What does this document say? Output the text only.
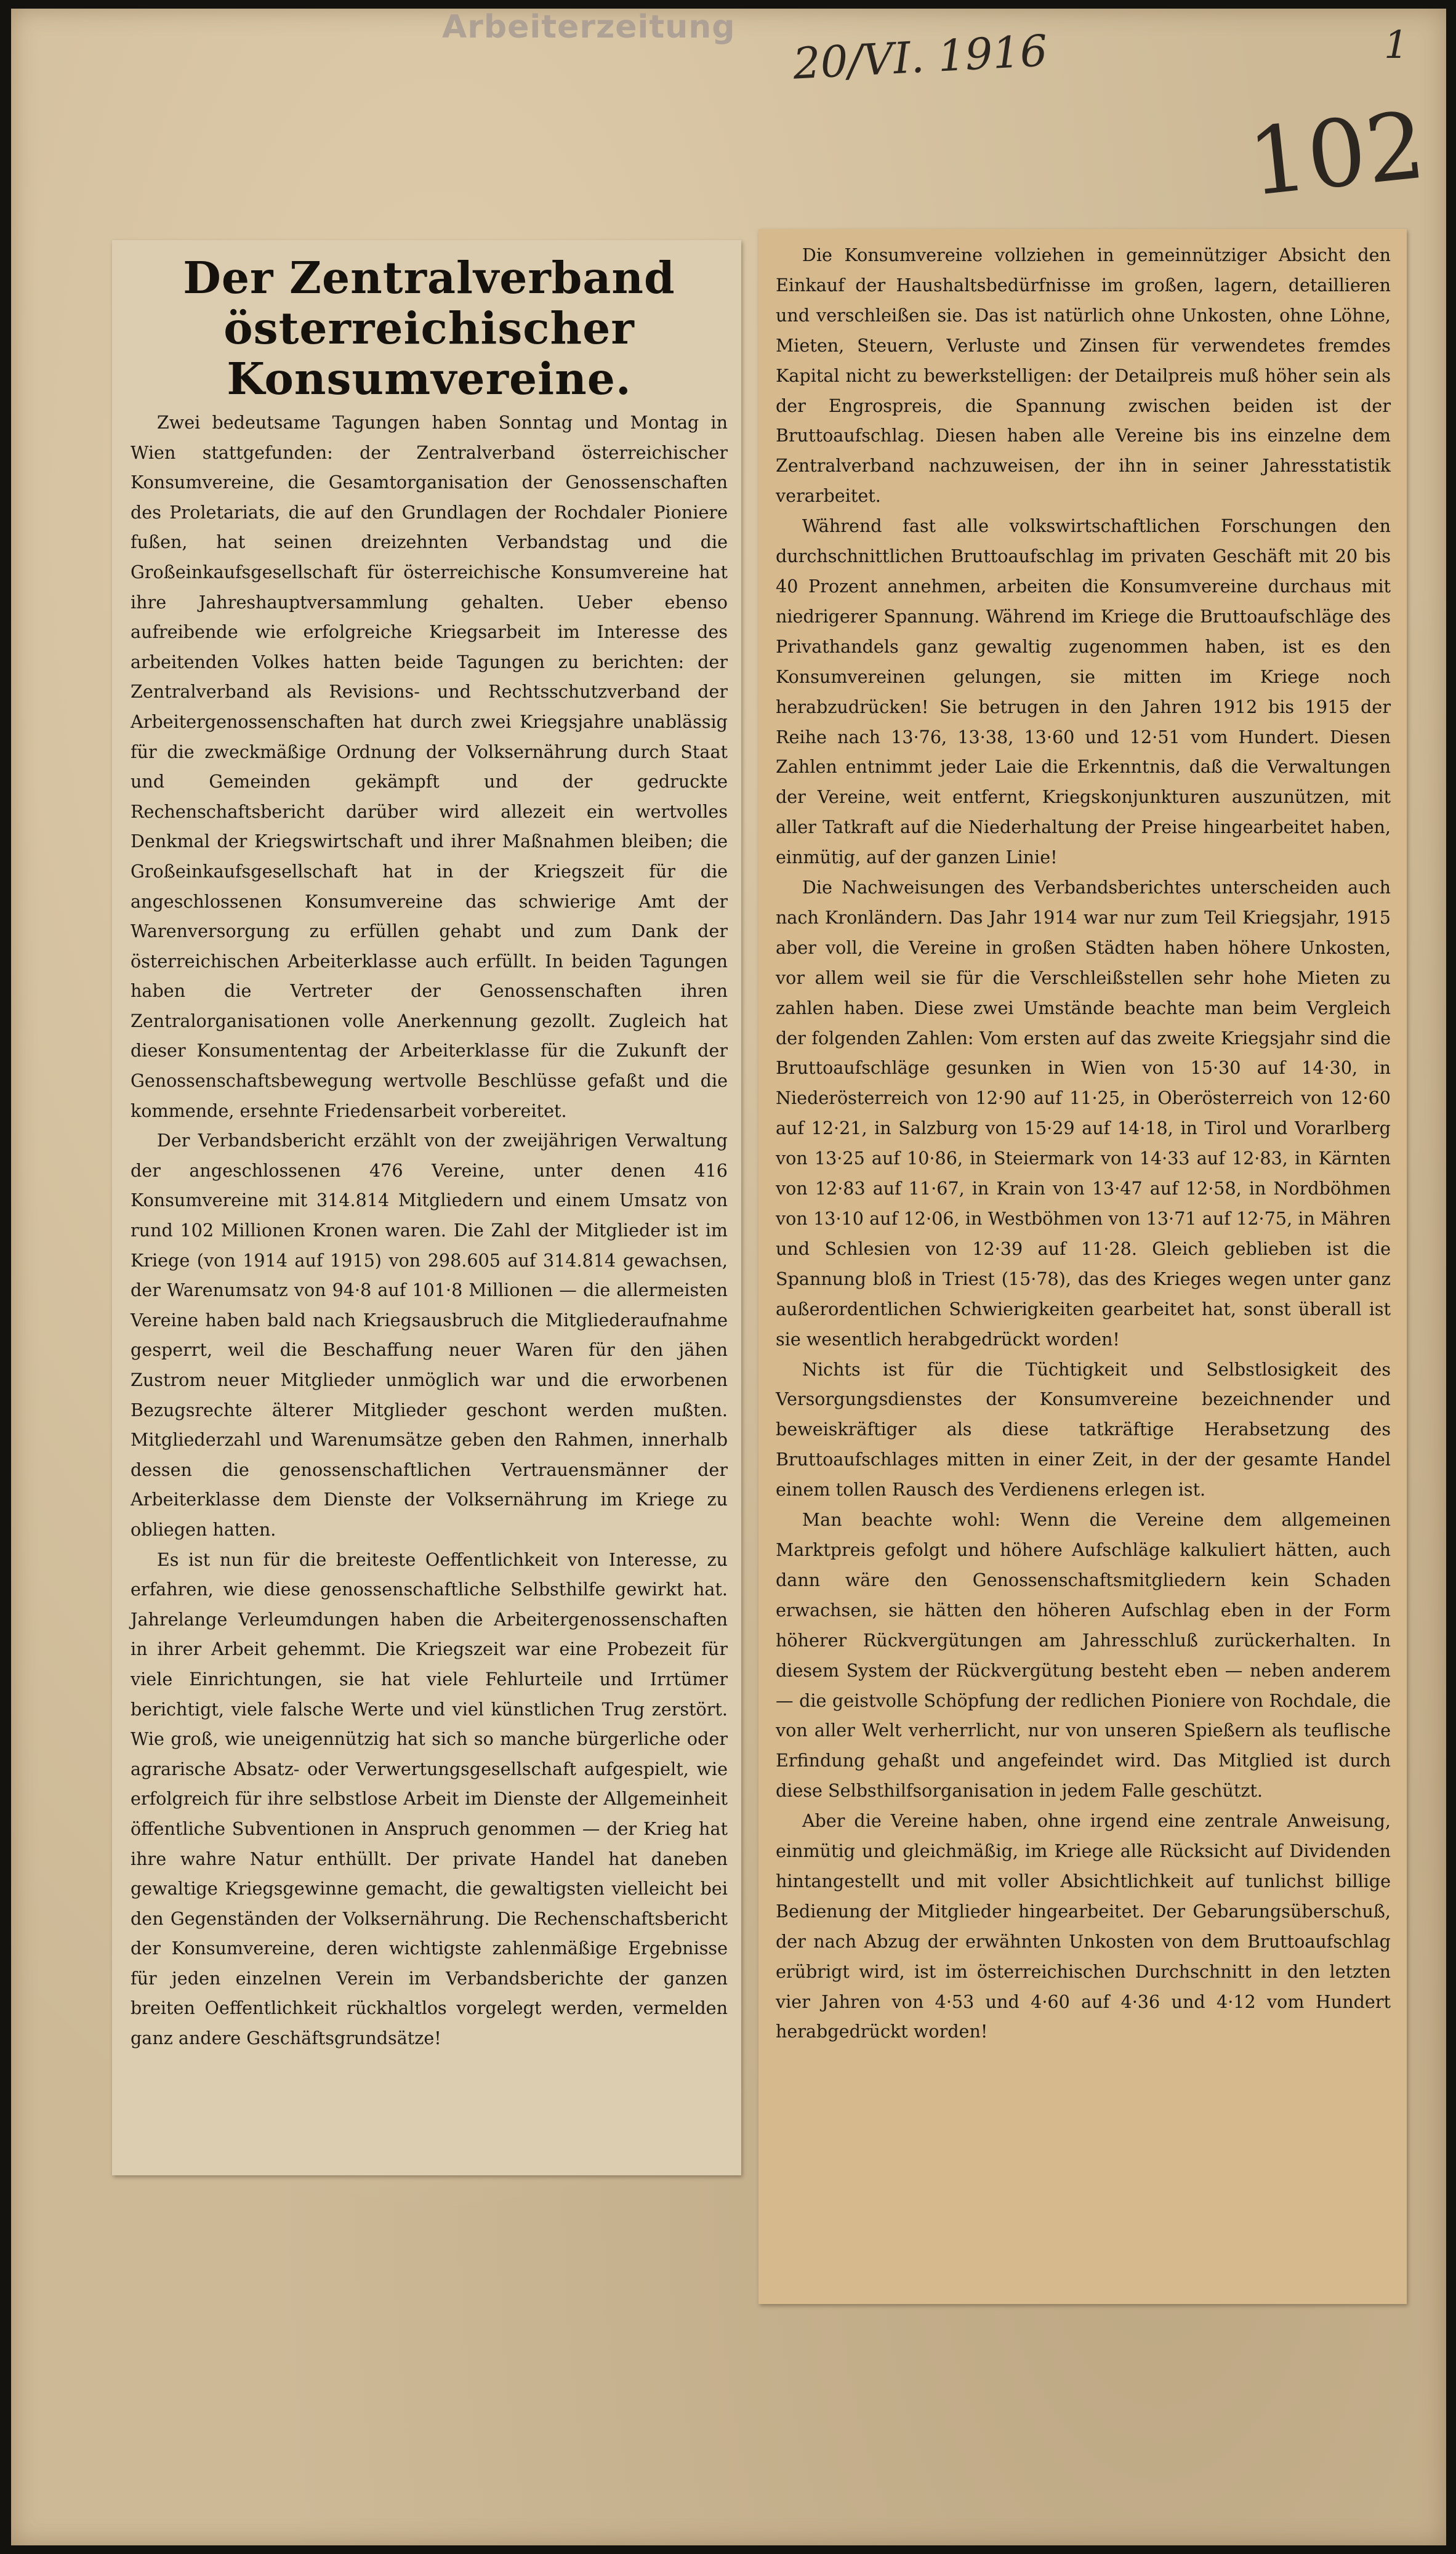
Arbeiterzeitung	20/VI. 1916	1
102
Der Zentralverband österreichischer Konsumvereine.

Zwei bedeutsame Tagungen haben Sonntag und Montag in Wien stattgefunden: der Zentralverband österreichischer Konsumvereine, die Gesamtorganisation der Genossenschaften des Proletariats, die auf den Grundlagen der Rochdaler Pioniere fußen, hat seinen dreizehnten Verbandstag und die Großeinkaufsgesellschaft für österreichische Konsumvereine hat ihre Jahreshauptversammlung gehalten. Ueber ebenso aufreibende wie erfolgreiche Kriegsarbeit im Interesse des arbeitenden Volkes hatten beide Tagungen zu berichten: der Zentralverband als Revisions- und Rechtsschutzverband der Arbeitergenossenschaften hat durch zwei Kriegsjahre unablässig für die zweckmäßige Ordnung der Volksernährung durch Staat und Gemeinden gekämpft und der gedruckte Rechenschaftsbericht darüber wird allezeit ein wertvolles Denkmal der Kriegswirtschaft und ihrer Maßnahmen bleiben; die Großeinkaufsgesellschaft hat in der Kriegszeit für die angeschlossenen Konsumvereine das schwierige Amt der Warenversorgung zu erfüllen gehabt und zum Dank der österreichischen Arbeiterklasse auch erfüllt. In beiden Tagungen haben die Vertreter der Genossenschaften ihren Zentralorganisationen volle Anerkennung gezollt. Zugleich hat dieser Konsumententag der Arbeiterklasse für die Zukunft der Genossenschaftsbewegung wertvolle Beschlüsse gefaßt und die kommende, ersehnte Friedensarbeit vorbereitet.

Der Verbandsbericht erzählt von der zweijährigen Verwaltung der angeschlossenen 476 Vereine, unter denen 416 Konsumvereine mit 314.814 Mitgliedern und einem Umsatz von rund 102 Millionen Kronen waren. Die Zahl der Mitglieder ist im Kriege (von 1914 auf 1915) von 298.605 auf 314.814 gewachsen, der Warenumsatz von 94·8 auf 101·8 Millionen — die allermeisten Vereine haben bald nach Kriegsausbruch die Mitgliederaufnahme gesperrt, weil die Beschaffung neuer Waren für den jähen Zustrom neuer Mitglieder unmöglich war und die erworbenen Bezugsrechte älterer Mitglieder geschont werden mußten. Mitgliederzahl und Warenumsätze geben den Rahmen, innerhalb dessen die genossenschaftlichen Vertrauensmänner der Arbeiterklasse dem Dienste der Volksernährung im Kriege zu obliegen hatten.

Es ist nun für die breiteste Oeffentlichkeit von Interesse, zu erfahren, wie diese genossenschaftliche Selbsthilfe gewirkt hat. Jahrelange Verleumdungen haben die Arbeitergenossenschaften in ihrer Arbeit gehemmt. Die Kriegszeit war eine Probezeit für viele Einrichtungen, sie hat viele Fehlurteile und Irrtümer berichtigt, viele falsche Werte und viel künstlichen Trug zerstört. Wie groß, wie uneigennützig hat sich so manche bürgerliche oder agrarische Absatz- oder Verwertungsgesellschaft aufgespielt, wie erfolgreich für ihre selbstlose Arbeit im Dienste der Allgemeinheit öffentliche Subventionen in Anspruch genommen — der Krieg hat ihre wahre Natur enthüllt. Der private Handel hat daneben gewaltige Kriegsgewinne gemacht, die gewaltigsten vielleicht bei den Gegenständen der Volksernährung. Die Rechenschaftsbericht der Konsumvereine, deren wichtigste zahlenmäßige Ergebnisse für jeden einzelnen Verein im Verbandsberichte der ganzen breiten Oeffentlichkeit rückhaltlos vorgelegt werden, vermelden ganz andere Geschäftsgrundsätze!

Die Konsumvereine vollziehen in gemeinnütziger Absicht den Einkauf der Haushaltsbedürfnisse im großen, lagern, detaillieren und verschleißen sie. Das ist natürlich ohne Unkosten, ohne Löhne, Mieten, Steuern, Verluste und Zinsen für verwendetes fremdes Kapital nicht zu bewerkstelligen: der Detailpreis muß höher sein als der Engrospreis, die Spannung zwischen beiden ist der Bruttoaufschlag. Diesen haben alle Vereine bis ins einzelne dem Zentralverband nachzuweisen, der ihn in seiner Jahresstatistik verarbeitet.

Während fast alle volkswirtschaftlichen Forschungen den durchschnittlichen Bruttoaufschlag im privaten Geschäft mit 20 bis 40 Prozent annehmen, arbeiten die Konsumvereine durchaus mit niedrigerer Spannung. Während im Kriege die Bruttoaufschläge des Privathandels ganz gewaltig zugenommen haben, ist es den Konsumvereinen gelungen, sie mitten im Kriege noch herabzudrücken! Sie betrugen in den Jahren 1912 bis 1915 der Reihe nach 13·76, 13·38, 13·60 und 12·51 vom Hundert. Diesen Zahlen entnimmt jeder Laie die Erkenntnis, daß die Verwaltungen der Vereine, weit entfernt, Kriegskonjunkturen auszunützen, mit aller Tatkraft auf die Niederhaltung der Preise hingearbeitet haben, einmütig, auf der ganzen Linie!

Die Nachweisungen des Verbandsberichtes unterscheiden auch nach Kronländern. Das Jahr 1914 war nur zum Teil Kriegsjahr, 1915 aber voll, die Vereine in großen Städten haben höhere Unkosten, vor allem weil sie für die Verschleißstellen sehr hohe Mieten zu zahlen haben. Diese zwei Umstände beachte man beim Vergleich der folgenden Zahlen: Vom ersten auf das zweite Kriegsjahr sind die Bruttoaufschläge gesunken in Wien von 15·30 auf 14·30, in Niederösterreich von 12·90 auf 11·25, in Oberösterreich von 12·60 auf 12·21, in Salzburg von 15·29 auf 14·18, in Tirol und Vorarlberg von 13·25 auf 10·86, in Steiermark von 14·33 auf 12·83, in Kärnten von 12·83 auf 11·67, in Krain von 13·47 auf 12·58, in Nordböhmen von 13·10 auf 12·06, in Westböhmen von 13·71 auf 12·75, in Mähren und Schlesien von 12·39 auf 11·28. Gleich geblieben ist die Spannung bloß in Triest (15·78), das des Krieges wegen unter ganz außerordentlichen Schwierigkeiten gearbeitet hat, sonst überall ist sie wesentlich herabgedrückt worden!

Nichts ist für die Tüchtigkeit und Selbstlosigkeit des Versorgungsdienstes der Konsumvereine bezeichnender und beweiskräftiger als diese tatkräftige Herabsetzung des Bruttoaufschlages mitten in einer Zeit, in der der gesamte Handel einem tollen Rausch des Verdienens erlegen ist.

Man beachte wohl: Wenn die Vereine dem allgemeinen Marktpreis gefolgt und höhere Aufschläge kalkuliert hätten, auch dann wäre den Genossenschaftsmitgliedern kein Schaden erwachsen, sie hätten den höheren Aufschlag eben in der Form höherer Rückvergütungen am Jahresschluß zurückerhalten. In diesem System der Rückvergütung besteht eben — neben anderem — die geistvolle Schöpfung der redlichen Pioniere von Rochdale, die von aller Welt verherrlicht, nur von unseren Spießern als teuflische Erfindung gehaßt und angefeindet wird. Das Mitglied ist durch diese Selbsthilfsorganisation in jedem Falle geschützt.

Aber die Vereine haben, ohne irgend eine zentrale Anweisung, einmütig und gleichmäßig, im Kriege alle Rücksicht auf Dividenden hintangestellt und mit voller Absichtlichkeit auf tunlichst billige Bedienung der Mitglieder hingearbeitet. Der Gebarungsüberschuß, der nach Abzug der erwähnten Unkosten von dem Bruttoaufschlag erübrigt wird, ist im österreichischen Durchschnitt in den letzten vier Jahren von 4·53 und 4·60 auf 4·36 und 4·12 vom Hundert herabgedrückt worden!
